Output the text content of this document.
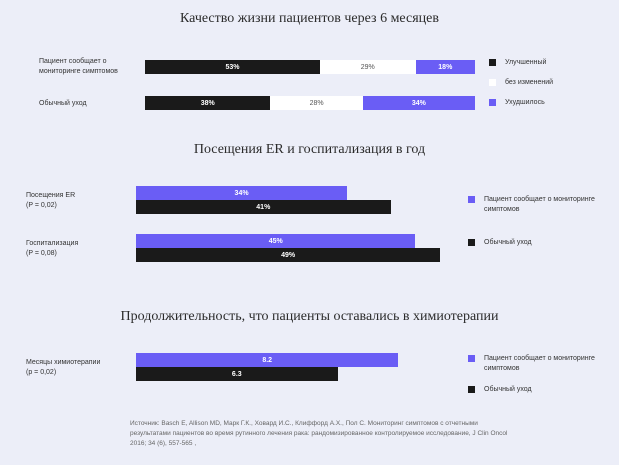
Качество жизни пациентов через 6 месяцев
Пациент сообщает о мониторинге симптомов
Обычный уход
53%	29%	18%
38%	28%	34%
Улучшенный
без изменений
Ухудшилось
Посещения ER и госпитализация в год
Посещения ER
(P = 0,02)
Госпитализация
(P = 0,08)
34%
41%
45%
49%
Пациент сообщает о мониторинге симптомов
Обычный уход
Продолжительность, что пациенты оставались в химиотерапии
Месяцы химиотерапии
(p = 0,02)
8.2
6.3
Пациент сообщает о мониторинге симптомов
Обычный уход
Источник: Basch E, Allison MD, Марк Г.К., Ховард И.С., Клиффорд А.Х., Пол С. Мониторинг симптомов с отчетными результатами пациентов во время рутинного лечения рака: рандомизированное контролируемое исследование, J Clin Oncol 2016; 34 (6), 557-565 ,
